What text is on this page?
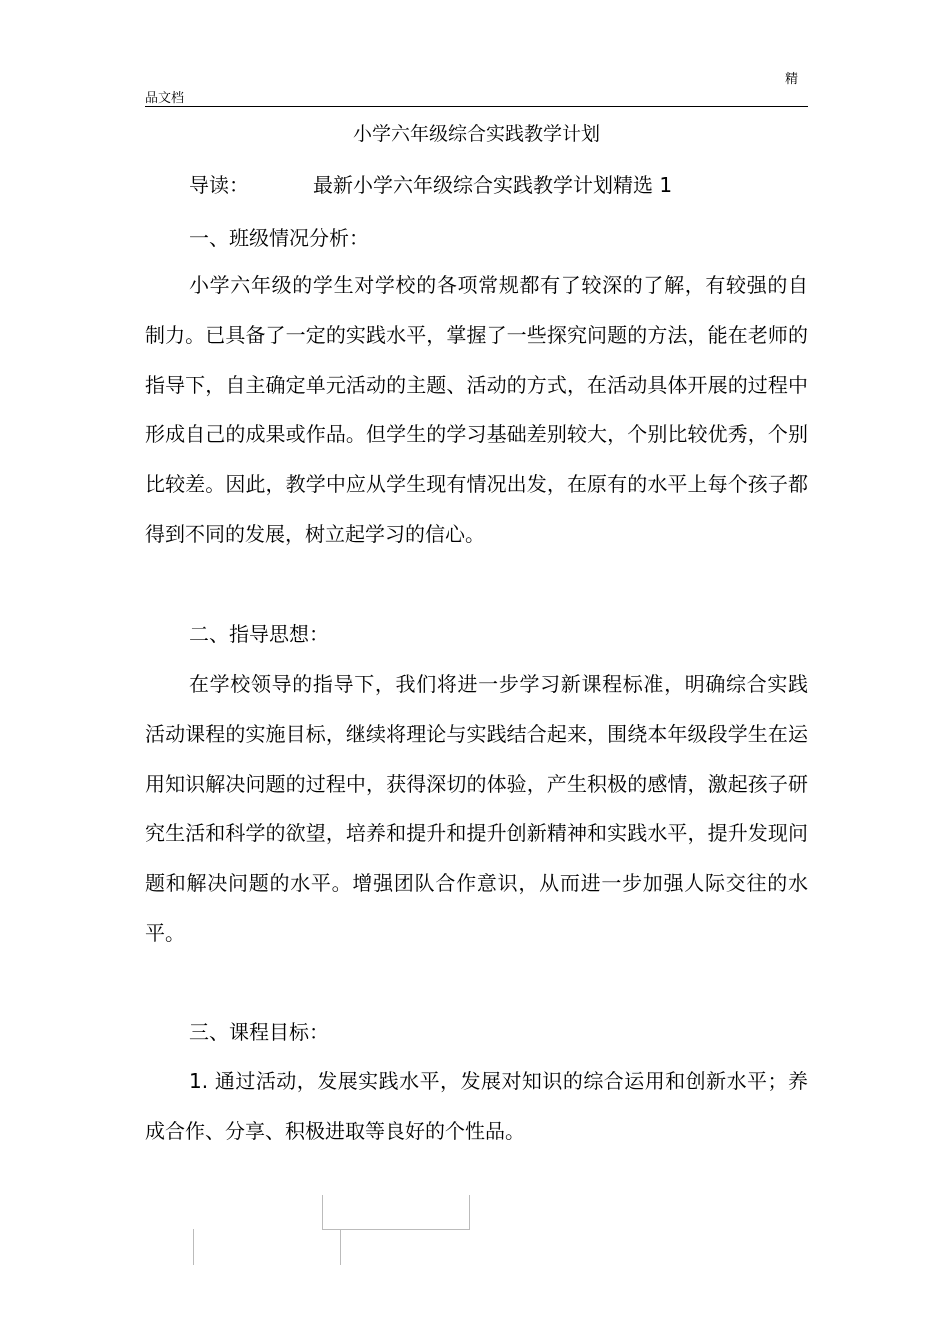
精
品文档
小学六年级综合实践教学计划
导读：	最新小学六年级综合实践教学计划精选 1
一、班级情况分析：

小学六年级的学生对学校的各项常规都有了较深的了解，有较强的自制力。已具备了一定的实践水平，掌握了一些探究问题的方法，能在老师的指导下，自主确定单元活动的主题、活动的方式，在活动具体开展的过程中形成自己的成果或作品。但学生的学习基础差别较大，个别比较优秀，个别比较差。因此，教学中应从学生现有情况出发，在原有的水平上每个孩子都得到不同的发展，树立起学习的信心。

二、指导思想：

在学校领导的指导下，我们将进一步学习新课程标准，明确综合实践活动课程的实施目标，继续将理论与实践结合起来，围绕本年级段学生在运用知识解决问题的过程中，获得深切的体验，产生积极的感情，激起孩子研究生活和科学的欲望，培养和提升和提升创新精神和实践水平，提升发现问题和解决问题的水平。增强团队合作意识，从而进一步加强人际交往的水平。

三、课程目标：

1. 通过活动，发展实践水平，发展对知识的综合运用和创新水平；养成合作、分享、积极进取等良好的个性品。
